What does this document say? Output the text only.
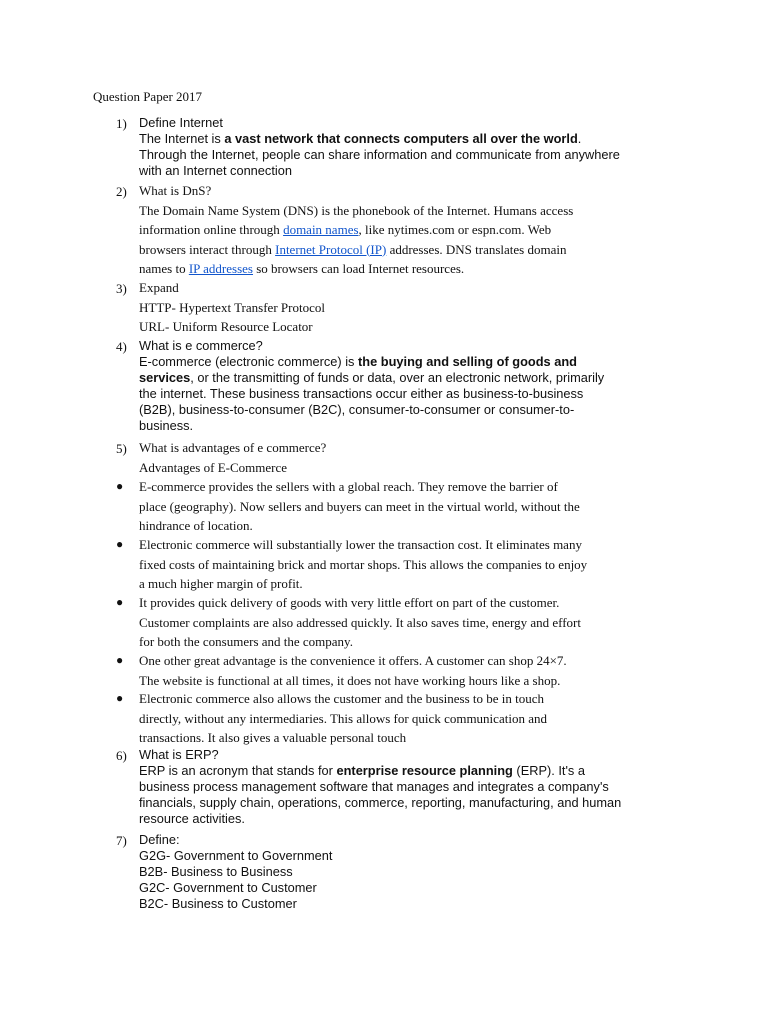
Question Paper 2017
1) Define Internet
The Internet is a vast network that connects computers all over the world.
Through the Internet, people can share information and communicate from anywhere
with an Internet connection
2) What is DnS?
The Domain Name System (DNS) is the phonebook of the Internet. Humans access
information online through domain names, like nytimes.com or espn.com. Web
browsers interact through Internet Protocol (IP) addresses. DNS translates domain
names to IP addresses so browsers can load Internet resources.
3) Expand
HTTP- Hypertext Transfer Protocol
URL- Uniform Resource Locator
4) What is e commerce?
E-commerce (electronic commerce) is the buying and selling of goods and
services, or the transmitting of funds or data, over an electronic network, primarily
the internet. These business transactions occur either as business-to-business
(B2B), business-to-consumer (B2C), consumer-to-consumer or consumer-to-
business.
5) What is advantages of e commerce?
Advantages of E-Commerce
● E-commerce provides the sellers with a global reach. They remove the barrier of
place (geography). Now sellers and buyers can meet in the virtual world, without the
hindrance of location.
● Electronic commerce will substantially lower the transaction cost. It eliminates many
fixed costs of maintaining brick and mortar shops. This allows the companies to enjoy
a much higher margin of profit.
● It provides quick delivery of goods with very little effort on part of the customer.
Customer complaints are also addressed quickly. It also saves time, energy and effort
for both the consumers and the company.
● One other great advantage is the convenience it offers. A customer can shop 24×7.
The website is functional at all times, it does not have working hours like a shop.
● Electronic commerce also allows the customer and the business to be in touch
directly, without any intermediaries. This allows for quick communication and
transactions. It also gives a valuable personal touch
6) What is ERP?
ERP is an acronym that stands for enterprise resource planning (ERP). It's a
business process management software that manages and integrates a company's
financials, supply chain, operations, commerce, reporting, manufacturing, and human
resource activities.
7) Define:
G2G- Government to Government
B2B- Business to Business
G2C- Government to Customer
B2C- Business to Customer
